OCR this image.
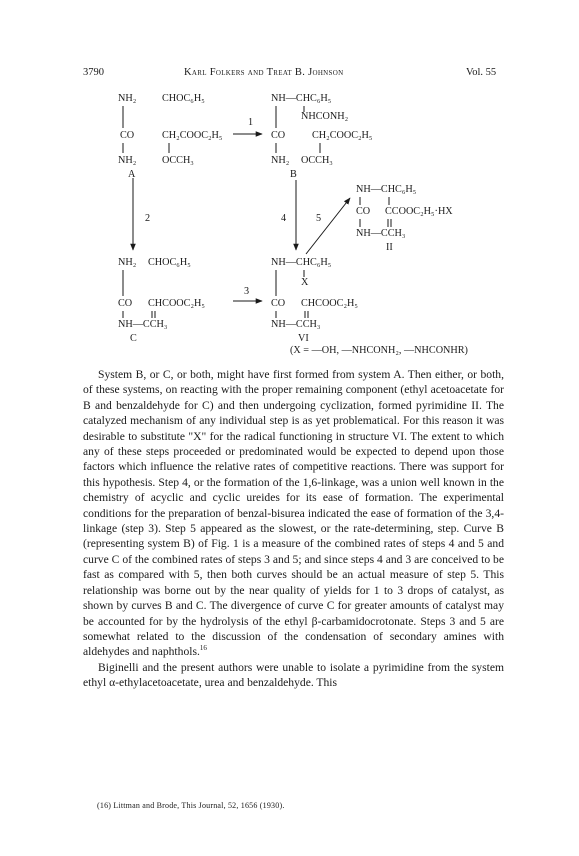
3790	Karl Folkers and Treat B. Johnson	Vol. 55
NH₂	CHOC₆H₅
CO	CH₂COOC₂H₅
NH₂	OCCH₃
A
NH—CHC₆H₅
NHCONH₂
CO	CH₂COOC₂H₅
NH₂ OCCH₃
B
NH—CHC₆H₅
CO CCOOC₂H₅·HX
NH—CCH₃
II
NH₂ CHOC₆H₅
CO CHCOOC₂H₅
NH—CCH₃
C
NH—CHC₆H₅
X
CO CHCOOC₂H₅
NH—CCH₃
VI
(X = —OH, —NHCONH₂, —NHCONHR)
1
2
3
4	5

System B, or C, or both, might have first formed from system A. Then either, or both, of these systems, on reacting with the proper remaining component (ethyl acetoacetate for B and benzaldehyde for C) and then undergoing cyclization, formed pyrimidine II. The catalyzed mechanism of any individual step is as yet problematical. For this reason it was desirable to substitute "X" for the radical functioning in structure VI. The extent to which any of these steps proceeded or predominated would be expected to depend upon those factors which influence the relative rates of competitive reactions. There was support for this hypothesis. Step 4, or the formation of the 1,6-linkage, was a union well known in the chemistry of acyclic and cyclic ureides for its ease of formation. The experimental conditions for the preparation of benzal-bisurea indicated the ease of formation of the 3,4-linkage (step 3). Step 5 appeared as the slowest, or the rate-determining, step. Curve B (representing system B) of Fig. 1 is a measure of the combined rates of steps 4 and 5 and curve C of the combined rates of steps 3 and 5; and since steps 4 and 3 are conceived to be fast as compared with 5, then both curves should be an actual measure of step 5. This relationship was borne out by the near quality of yields for 1 to 3 drops of catalyst, as shown by curves B and C. The divergence of curve C for greater amounts of catalyst may be accounted for by the hydrolysis of the ethyl β-carbamidocrotonate. Steps 3 and 5 are somewhat related to the discussion of the condensation of secondary amines with aldehydes and naphthols.$^{16}$

Biginelli and the present authors were unable to isolate a pyrimidine from the system ethyl α-ethylacetoacetate, urea and benzaldehyde. This

(16) Littman and Brode, This Journal, 52, 1656 (1930).
